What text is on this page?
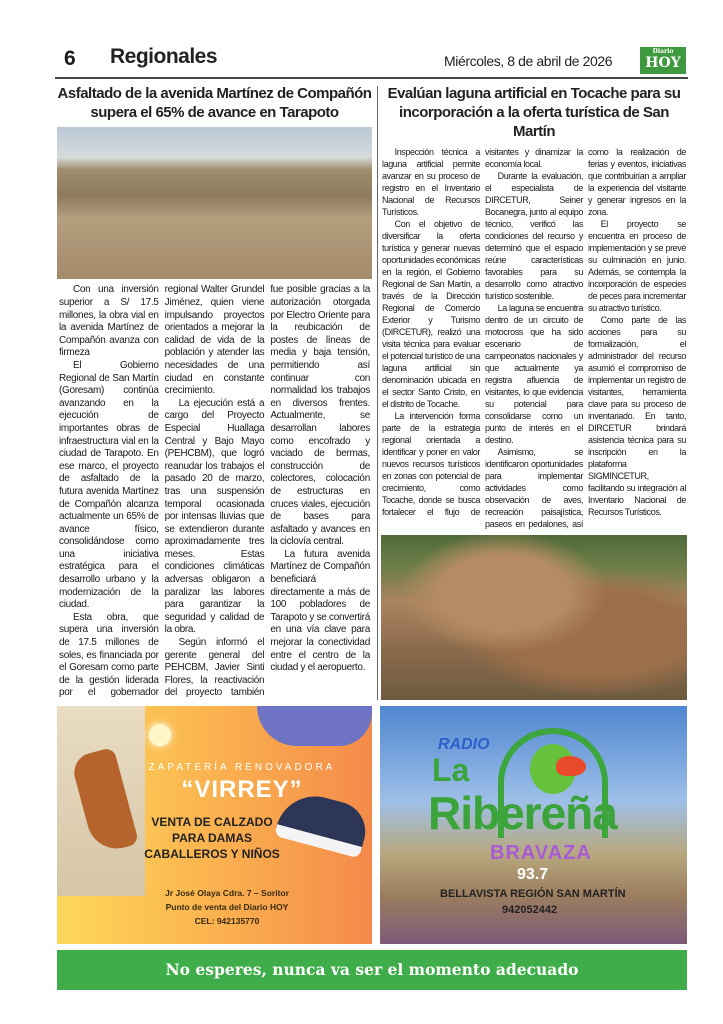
6 Regionales	Miércoles, 8 de abril de 2026
Diario
HOY
Asfaltado de la avenida Martínez de Compañón supera el 65% de avance en Tarapoto

Con una inversión superior a S/ 17.5 millones, la obra vial en la avenida Martínez de Compañón avanza con firmeza

El Gobierno Regional de San Martín (Goresam) continúa avanzando en la ejecución de importantes obras de infraestructura vial en la ciudad de Tarapoto. En ese marco, el proyecto de asfaltado de la futura avenida Martínez de Compañón alcanza actualmente un 65% de avance físico, consolidándose como una iniciativa estratégica para el desarrollo urbano y la modernización de la ciudad.

Esta obra, que supera una inversión de 17.5 millones de soles, es financiada por el Goresam como parte de la gestión liderada por el gobernador regional Walter Grundel Jiménez, quien viene impulsando proyectos orientados a mejorar la calidad de vida de la población y atender las necesidades de una ciudad en constante crecimiento.

La ejecución está a cargo del Proyecto Especial Huallaga Central y Bajo Mayo (PEHCBM), que logró reanudar los trabajos el pasado 20 de marzo, tras una suspensión temporal ocasionada por intensas lluvias que se extendieron durante aproximadamente tres meses. Estas condiciones climáticas adversas obligaron a paralizar las labores para garantizar la seguridad y calidad de la obra.

Según informó el gerente general del PEHCBM, Javier Sinti Flores, la reactivación del proyecto también fue posible gracias a la autorización otorgada por Electro Oriente para la reubicación de postes de líneas de media y baja tensión, permitiendo así continuar con normalidad los trabajos en diversos frentes. Actualmente, se desarrollan labores como encofrado y vaciado de bermas, construcción de colectores, colocación de estructuras en cruces viales, ejecución de bases para asfaltado y avances en la ciclovía central.

La futura avenida Martínez de Compañón beneficiará directamente a más de 100 pobladores de Tarapoto y se convertirá en una vía clave para mejorar la conectividad entre el centro de la ciudad y el aeropuerto.

Evalúan laguna artificial en Tocache para su incorporación a la oferta turística de San Martín

Inspección técnica a laguna artificial permite avanzar en su proceso de registro en el Inventario Nacional de Recursos Turísticos.

Con el objetivo de diversificar la oferta turística y generar nuevas oportunidades económicas en la región, el Gobierno Regional de San Martín, a través de la Dirección Regional de Comercio Exterior y Turismo (DIRCETUR), realizó una visita técnica para evaluar el potencial turístico de una laguna artificial sin denominación ubicada en el sector Santo Cristo, en el distrito de Tocache.

La intervención forma parte de la estrategia regional orientada a identificar y poner en valor nuevos recursos turísticos en zonas con potencial de crecimiento, como Tocache, donde se busca fortalecer el flujo de visitantes y dinamizar la economía local.

Durante la evaluación, el especialista de DIRCETUR, Seiner Bocanegra, junto al equipo técnico, verificó las condiciones del recurso y determinó que el espacio reúne características favorables para su desarrollo como atractivo turístico sostenible.

La laguna se encuentra dentro de un circuito de motocross que ha sido escenario de campeonatos nacionales y que actualmente ya registra afluencia de visitantes, lo que evidencia su potencial para consolidarse como un punto de interés en el destino.

Asimismo, se identificaron oportunidades para implementar actividades como observación de aves, recreación paisajística, paseos en pedalones, así como la realización de ferias y eventos, iniciativas que contribuirían a ampliar la experiencia del visitante y generar ingresos en la zona.

El proyecto se encuentra en proceso de implementación y se prevé su culminación en junio. Además, se contempla la incorporación de especies de peces para incrementar su atractivo turístico.

Como parte de las acciones para su formalización, el administrador del recurso asumió el compromiso de implementar un registro de visitantes, herramienta clave para su proceso de inventariado. En tanto, DIRCETUR brindará asistencia técnica para su inscripción en la plataforma SIGMINCETUR, facilitando su integración al Inventario Nacional de Recursos Turísticos.

ZAPATERÍA RENOVADORA
“VIRREY”
VENTA DE CALZADO PARA DAMAS CABALLEROS Y NIÑOS
Jr José Olaya Cdra. 7 – Soritor
Punto de venta del Diario HOY
CEL: 942135770
RADIO
La
Ribereña
BRAVAZA
93.7
BELLAVISTA REGIÓN SAN MARTÍN
942052442
No esperes, nunca va ser el momento adecuado
